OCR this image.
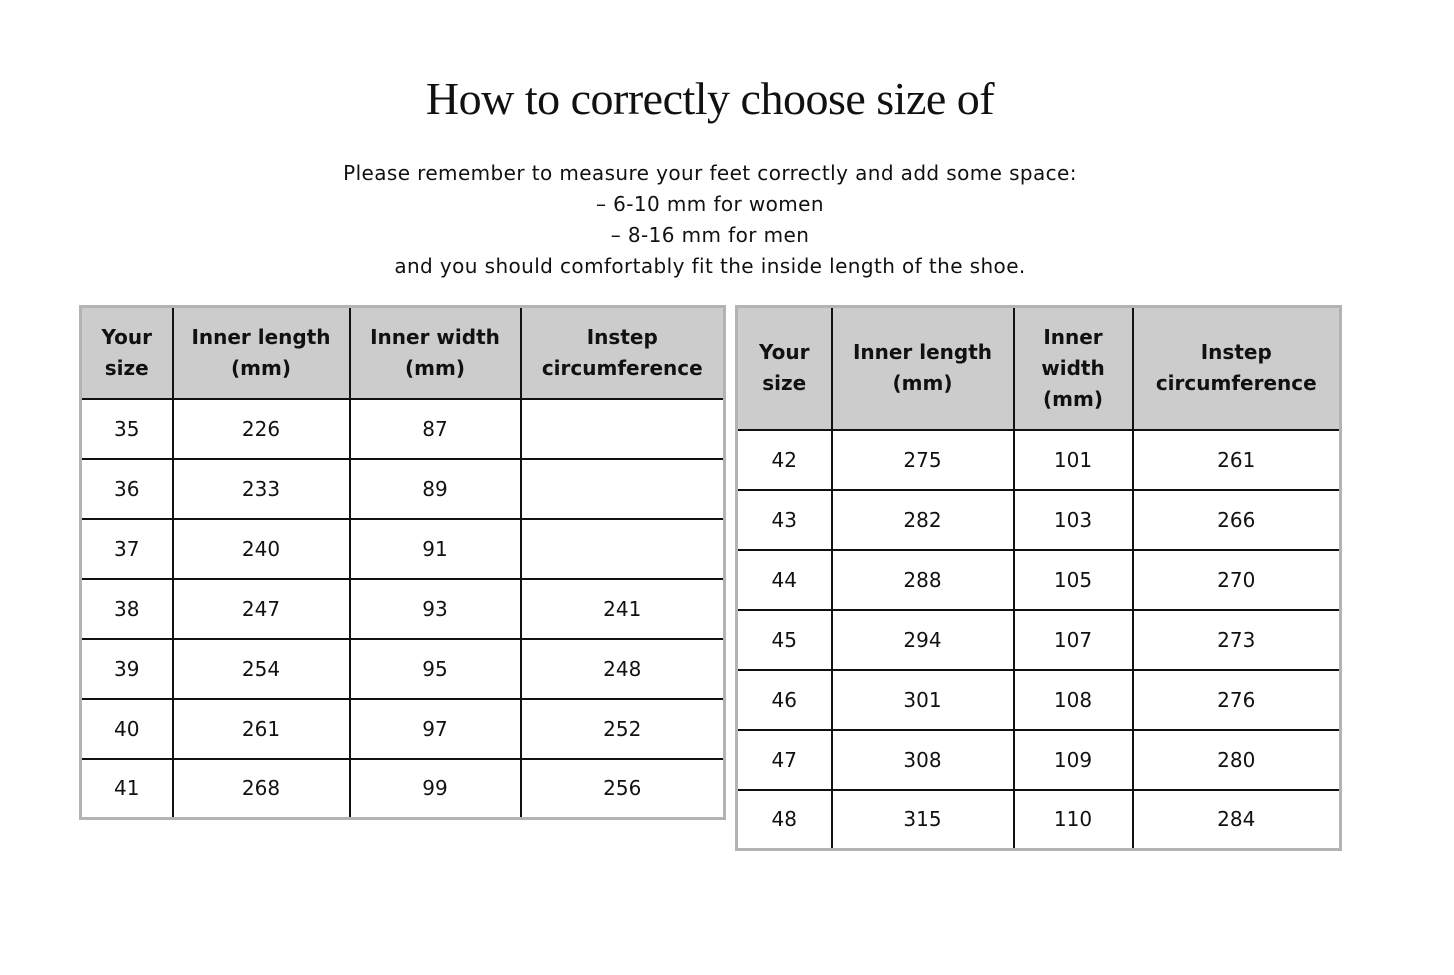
How to correctly choose size of
Please remember to measure your feet correctly and add some space:
– 6-10 mm for women
– 8-16 mm for men
and you should comfortably fit the inside length of the shoe.
Your size	Inner length (mm)	Inner width (mm)	Instep circumference
35	226	87	
36	233	89	
37	240	91	
38	247	93	241
39	254	95	248
40	261	97	252
41	268	99	256
Your size	Inner length (mm)	Inner width (mm)	Instep circumference
42	275	101	261
43	282	103	266
44	288	105	270
45	294	107	273
46	301	108	276
47	308	109	280
48	315	110	284
